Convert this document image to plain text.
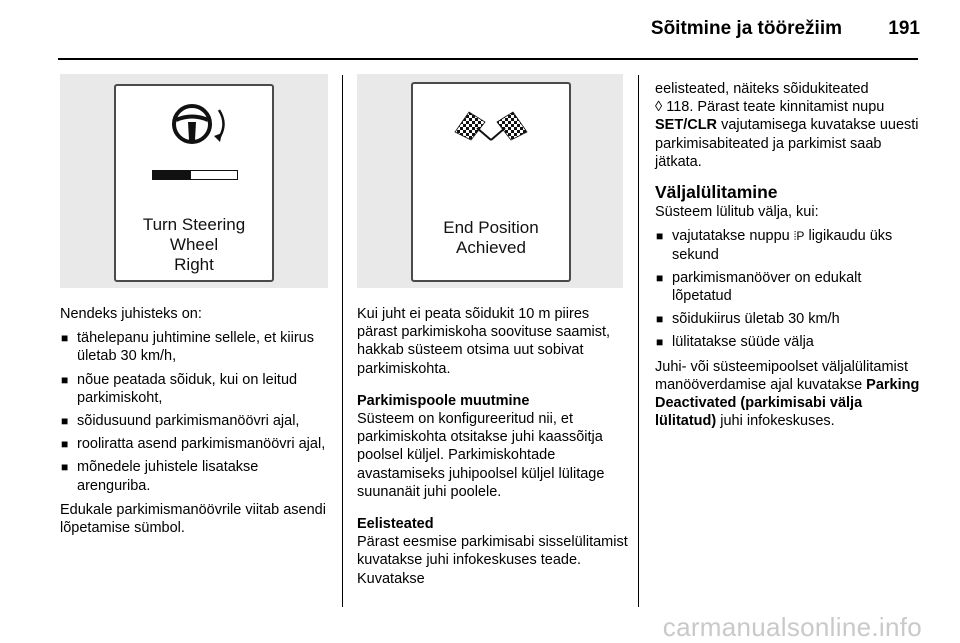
Sõitmine ja töörežiim 191
Turn Steering
Wheel
Right
End Position
Achieved

Nendeks juhisteks on:

■ tähelepanu juhtimine sellele, et kiirus ületab 30 km/h,
■ nõue peatada sõiduk, kui on leitud parkimiskoht,
■ sõidusuund parkimismanöövri ajal,
■ rooliratta asend parkimismanöövri ajal,
■ mõnedele juhistele lisatakse arenguriba.

Edukale parkimismanöövrile viitab asendi lõpetamise sümbol.

Kui juht ei peata sõidukit 10 m piires pärast parkimiskoha soovituse saamist, hakkab süsteem otsima uut sobivat parkimiskohta.

Parkimispoole muutmine

Süsteem on konfigureeritud nii, et parkimiskohta otsitakse juhi kaassõitja poolsel küljel. Parkimiskohtade avastamiseks juhipoolsel küljel lülitage suunanäit juhi poolele.

Eelisteated

Pärast eesmise parkimisabi sisselülitamist kuvatakse juhi infokeskuses teade. Kuvatakse

eelisteated, näiteks sõidukiteated
◊ 118. Pärast teate kinnitamist nupu
SET/CLR vajutamisega kuvatakse uuesti parkimisabiteated ja parkimist saab jätkata.

Väljalülitamine

Süsteem lülitub välja, kui:

■ vajutatakse nuppu ⦙P ligikaudu üks sekund
■ parkimismanööver on edukalt lõpetatud
■ sõidukiirus ületab 30 km/h
■ lülitatakse süüde välja

Juhi- või süsteemipoolset väljalülitamist manööverdamise ajal kuvatakse Parking Deactivated (parkimisabi välja lülitatud) juhi infokeskuses.

carmanualsonline.info
